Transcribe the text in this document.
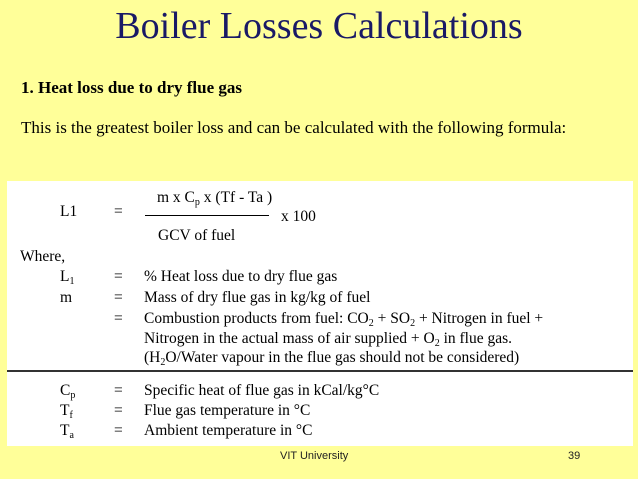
Boiler Losses Calculations
1. Heat loss due to dry flue gas
This is the greatest boiler loss and can be calculated with the following formula:
L1 =
m x $C_p$ x (Tf - Ta )
GCV of fuel
x 100
Where,
$L_1$	= % Heat loss due to dry flue gas
m	= Mass of dry flue gas in kg/kg of fuel
= Combustion products from fuel: $CO_2 + SO_2$ + Nitrogen in fuel +
Nitrogen in the actual mass of air supplied + $O_2$ in flue gas.
($H_2O$/Water vapour in the flue gas should not be considered)
$C_p$ = Specific heat of flue gas in kCal/kg°C
$T_f$	= Flue gas temperature in °C
$T_a$	= Ambient temperature in °C
VIT University	39
